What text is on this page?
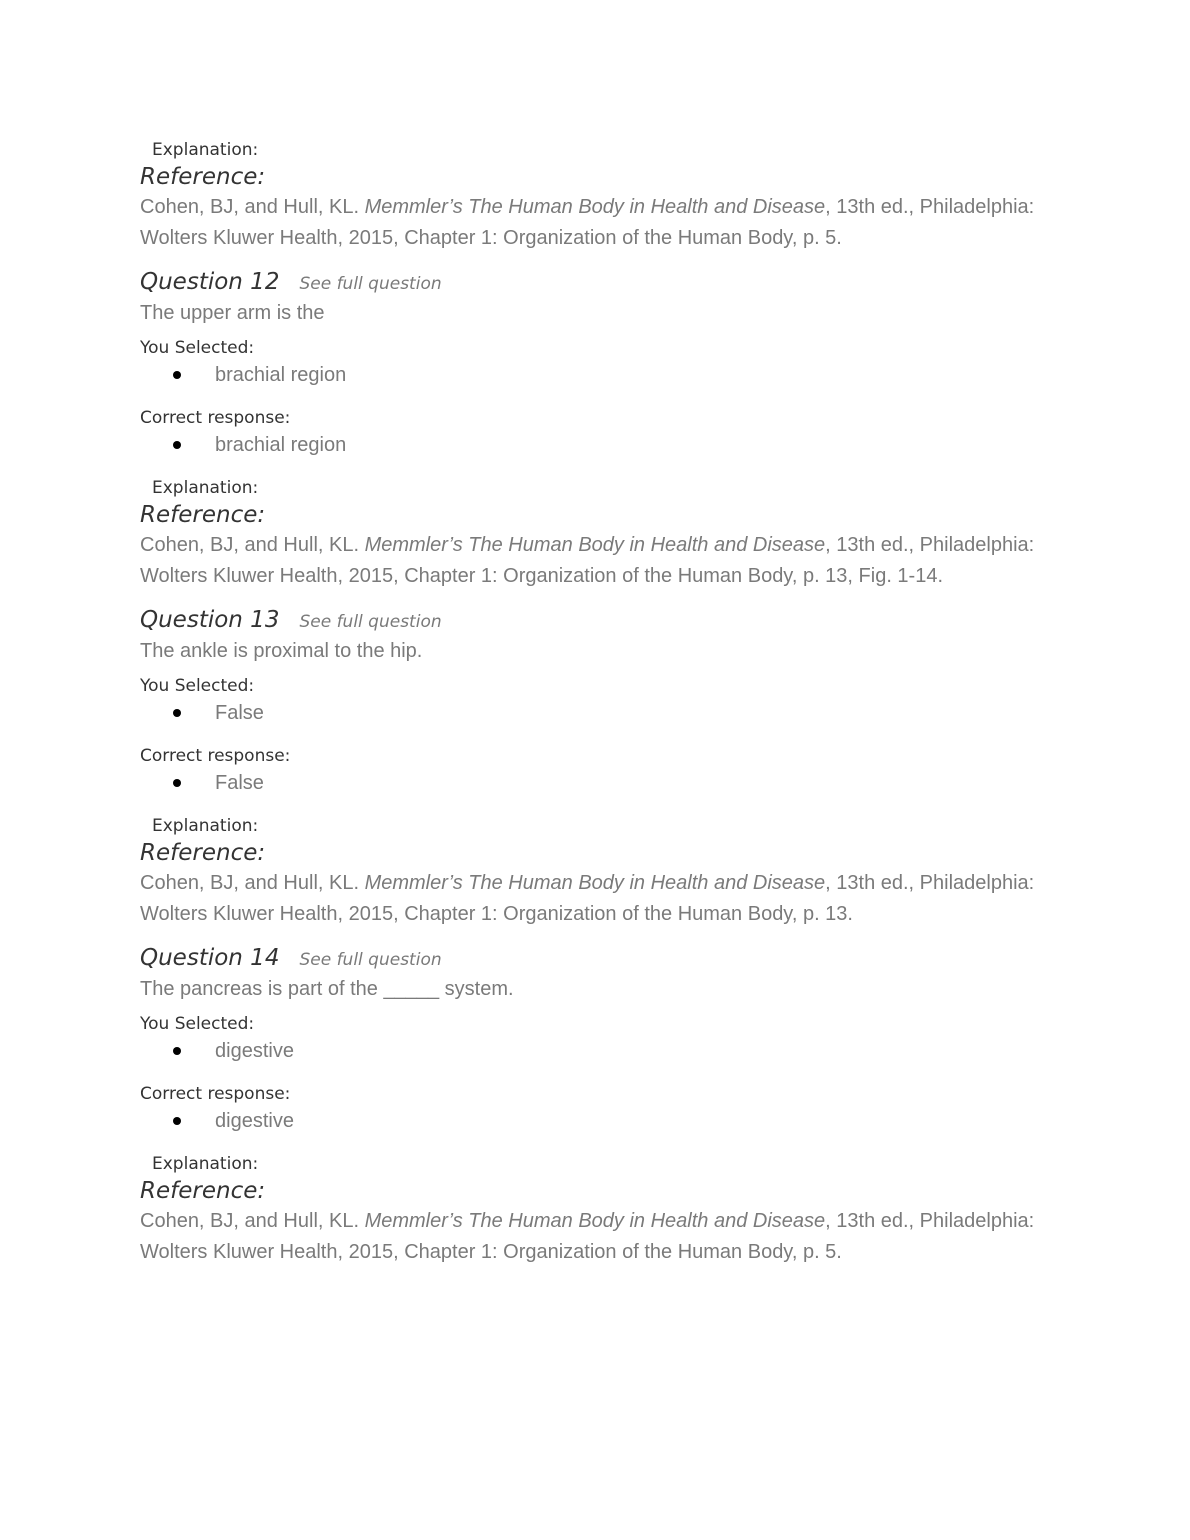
Explanation:
Reference:
Cohen, BJ, and Hull, KL. Memmler’s The Human Body in Health and Disease, 13th ed., Philadelphia: Wolters Kluwer Health, 2015, Chapter 1: Organization of the Human Body, p. 5.
Question 12 See full question
The upper arm is the
You Selected:
brachial region
Correct response:
brachial region
Explanation:
Reference:
Cohen, BJ, and Hull, KL. Memmler’s The Human Body in Health and Disease, 13th ed., Philadelphia: Wolters Kluwer Health, 2015, Chapter 1: Organization of the Human Body, p. 13, Fig. 1-14.
Question 13 See full question
The ankle is proximal to the hip.
You Selected:
False
Correct response:
False
Explanation:
Reference:
Cohen, BJ, and Hull, KL. Memmler’s The Human Body in Health and Disease, 13th ed., Philadelphia: Wolters Kluwer Health, 2015, Chapter 1: Organization of the Human Body, p. 13.
Question 14 See full question
The pancreas is part of the _____ system.
You Selected:
digestive
Correct response:
digestive
Explanation:
Reference:
Cohen, BJ, and Hull, KL. Memmler’s The Human Body in Health and Disease, 13th ed., Philadelphia: Wolters Kluwer Health, 2015, Chapter 1: Organization of the Human Body, p. 5.
